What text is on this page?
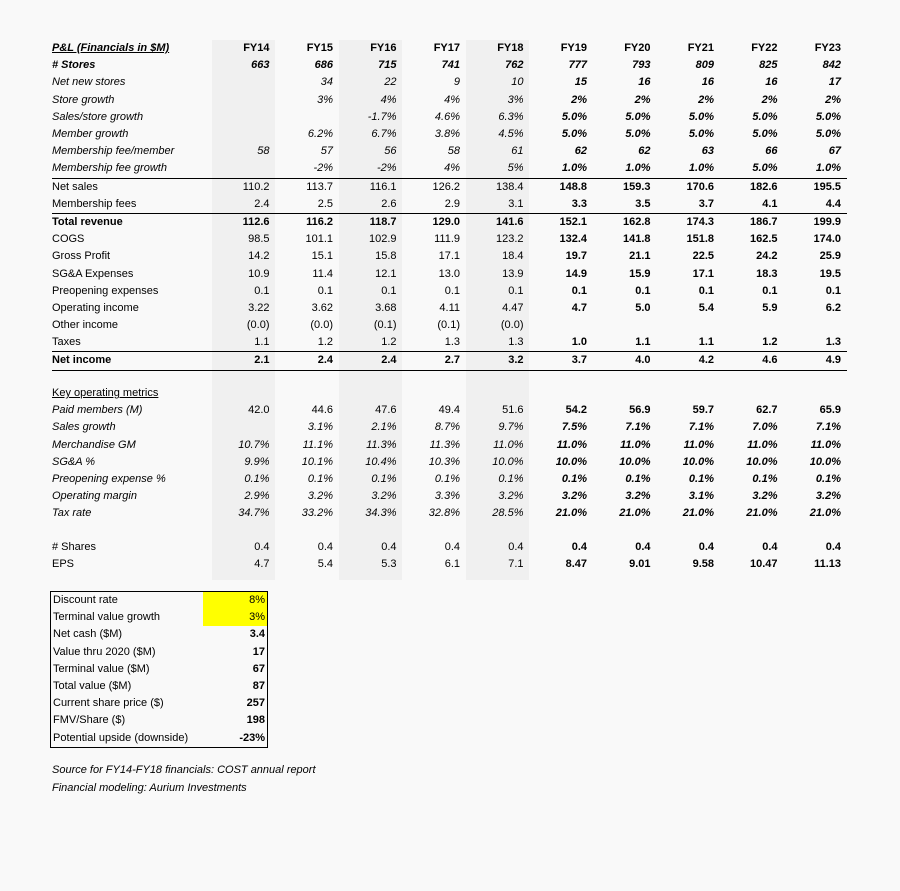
P&L (Financials in $M)	FY14	FY15	FY16	FY17	FY18	FY19	FY20	FY21	FY22	FY23
# Stores	663	686	715	741	762	777	793	809	825	842
Net new stores		34	22	9	10	15	16	16	16	17
Store growth		3%	4%	4%	3%	2%	2%	2%	2%	2%
Sales/store growth			-1.7%	4.6%	6.3%	5.0%	5.0%	5.0%	5.0%	5.0%
Member growth		6.2%	6.7%	3.8%	4.5%	5.0%	5.0%	5.0%	5.0%	5.0%
Membership fee/member	58	57	56	58	61	62	62	63	66	67
Membership fee growth		-2%	-2%	4%	5%	1.0%	1.0%	1.0%	5.0%	1.0%
Net sales	110.2	113.7	116.1	126.2	138.4	148.8	159.3	170.6	182.6	195.5
Membership fees	2.4	2.5	2.6	2.9	3.1	3.3	3.5	3.7	4.1	4.4
Total revenue	112.6	116.2	118.7	129.0	141.6	152.1	162.8	174.3	186.7	199.9
COGS	98.5	101.1	102.9	111.9	123.2	132.4	141.8	151.8	162.5	174.0
Gross Profit	14.2	15.1	15.8	17.1	18.4	19.7	21.1	22.5	24.2	25.9
SG&A Expenses	10.9	11.4	12.1	13.0	13.9	14.9	15.9	17.1	18.3	19.5
Preopening expenses	0.1	0.1	0.1	0.1	0.1	0.1	0.1	0.1	0.1	0.1
Operating income	3.22	3.62	3.68	4.11	4.47	4.7	5.0	5.4	5.9	6.2
Other income	(0.0)	(0.0)	(0.1)	(0.1)	(0.0)					
Taxes	1.1	1.2	1.2	1.3	1.3	1.0	1.1	1.1	1.2	1.3
Net income	2.1	2.4	2.4	2.7	3.2	3.7	4.0	4.2	4.6	4.9
Key operating metrics										
Paid members (M)	42.0	44.6	47.6	49.4	51.6	54.2	56.9	59.7	62.7	65.9
Sales growth		3.1%	2.1%	8.7%	9.7%	7.5%	7.1%	7.1%	7.0%	7.1%
Merchandise GM	10.7%	11.1%	11.3%	11.3%	11.0%	11.0%	11.0%	11.0%	11.0%	11.0%
SG&A %	9.9%	10.1%	10.4%	10.3%	10.0%	10.0%	10.0%	10.0%	10.0%	10.0%
Preopening expense %	0.1%	0.1%	0.1%	0.1%	0.1%	0.1%	0.1%	0.1%	0.1%	0.1%
Operating margin	2.9%	3.2%	3.2%	3.3%	3.2%	3.2%	3.2%	3.1%	3.2%	3.2%
Tax rate	34.7%	33.2%	34.3%	32.8%	28.5%	21.0%	21.0%	21.0%	21.0%	21.0%
# Shares	0.4	0.4	0.4	0.4	0.4	0.4	0.4	0.4	0.4	0.4
EPS	4.7	5.4	5.3	6.1	7.1	8.47	9.01	9.58	10.47	11.13
Discount rate	8%
Terminal value growth	3%
Net cash ($M)	3.4
Value thru 2020 ($M)	17
Terminal value ($M)	67
Total value ($M)	87
Current share price ($)	257
FMV/Share ($)	198
Potential upside (downside)	-23%
Source for FY14-FY18 financials: COST annual report
Financial modeling: Aurium Investments
